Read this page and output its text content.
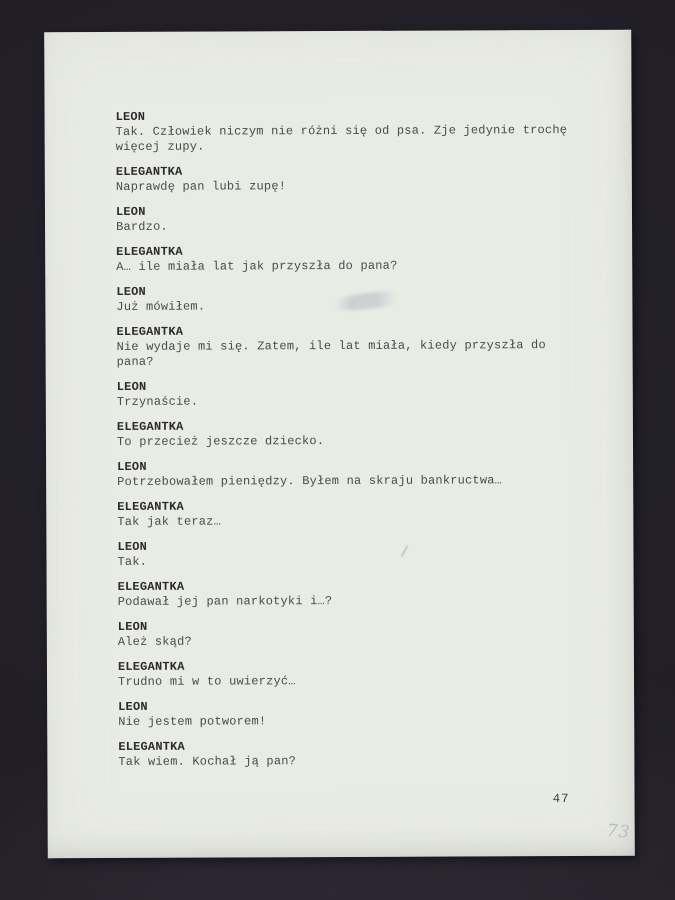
LEON
Tak. Człowiek niczym nie różni się od psa. Zje jedynie trochę
więcej zupy.
ELEGANTKA
Naprawdę pan lubi zupę!
LEON
Bardzo.
ELEGANTKA
A… ile miała lat jak przyszła do pana?
LEON
Już mówiłem.
ELEGANTKA
Nie wydaje mi się. Zatem, ile lat miała, kiedy przyszła do
pana?
LEON
Trzynaście.
ELEGANTKA
To przecież jeszcze dziecko.
LEON
Potrzebowałem pieniędzy. Byłem na skraju bankructwa…
ELEGANTKA
Tak jak teraz…
LEON
Tak.
ELEGANTKA
Podawał jej pan narkotyki i…?
LEON
Ależ skąd?
ELEGANTKA
Trudno mi w to uwierzyć…
LEON
Nie jestem potworem!
ELEGANTKA
Tak wiem. Kochał ją pan?
47
73
